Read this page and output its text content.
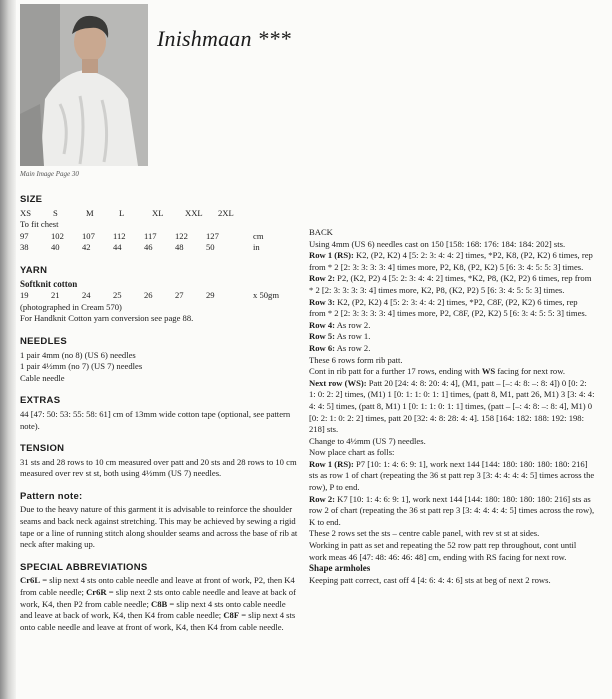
Main Image Page 30
Inishmaan ***
SIZE
XS	S	M	L	XL	XXL	2XL

To fit chest

97	102	107	112	117	122	127	cm
38	40	42	44	46	48	50	in
YARN

Softknit cotton

19	21	24	25	26	27	29	x 50gm

(photographed in Cream 570)

For Handknit Cotton yarn conversion see page 88.

NEEDLES

1 pair 4mm (no 8) (US 6) needles

1 pair 4½mm (no 7) (US 7) needles

Cable needle

EXTRAS

44 [47: 50: 53: 55: 58: 61] cm of 13mm wide cotton tape (optional, see pattern note).

TENSION

31 sts and 28 rows to 10 cm measured over patt and 20 sts and 28 rows to 10 cm measured over rev st st, both using 4½mm (US 7) needles.

Pattern note:

Due to the heavy nature of this garment it is advisable to reinforce the shoulder seams and back neck against stretching. This may be achieved by sewing a rigid tape or a line of running stitch along shoulder seams and across the base of rib at neck after making up.

SPECIAL ABBREVIATIONS

Cr6L = slip next 4 sts onto cable needle and leave at front of work, P2, then K4 from cable needle; Cr6R = slip next 2 sts onto cable needle and leave at back of work, K4, then P2 from cable needle; C8B = slip next 4 sts onto cable needle and leave at back of work, K4, then K4 from cable needle; C8F = slip next 4 sts onto cable needle and leave at front of work, K4, then K4 from cable needle.

BACK

Using 4mm (US 6) needles cast on 150 [158: 168: 176: 184: 184: 202] sts.

Row 1 (RS): K2, (P2, K2) 4 [5: 2: 3: 4: 4: 2] times, *P2, K8, (P2, K2) 6 times, rep from * 2 [2: 3: 3: 3: 3: 4] times more, P2, K8, (P2, K2) 5 [6: 3: 4: 5: 5: 3] times.

Row 2: P2, (K2, P2) 4 [5: 2: 3: 4: 4: 2] times, *K2, P8, (K2, P2) 6 times, rep from * 2 [2: 3: 3: 3: 3: 4] times more, K2, P8, (K2, P2) 5 [6: 3: 4: 5: 5: 3] times.

Row 3: K2, (P2, K2) 4 [5: 2: 3: 4: 4: 2] times, *P2, C8F, (P2, K2) 6 times, rep from * 2 [2: 3: 3: 3: 3: 4] times more, P2, C8F, (P2, K2) 5 [6: 3: 4: 5: 5: 3] times.

Row 4: As row 2.

Row 5: As row 1.

Row 6: As row 2.

These 6 rows form rib patt.

Cont in rib patt for a further 17 rows, ending with WS facing for next row.

Next row (WS): Patt 20 [24: 4: 8: 20: 4: 4], (M1, patt – [–: 4: 8: –: 8: 4]) 0 [0: 2: 1: 0: 2: 2] times, (M1) 1 [0: 1: 1: 0: 1: 1] times, (patt 8, M1, patt 26, M1) 3 [3: 4: 4: 4: 4: 5] times, (patt 8, M1) 1 [0: 1: 1: 0: 1: 1] times, (patt – [–: 4: 8: –: 8: 4], M1) 0 [0: 2: 1: 0: 2: 2] times, patt 20 [32: 4: 8: 28: 4: 4]. 158 [164: 182: 188: 192: 198: 218] sts.

Change to 4½mm (US 7) needles.

Now place chart as folls:

Row 1 (RS): P7 [10: 1: 4: 6: 9: 1], work next 144 [144: 180: 180: 180: 180: 216] sts as row 1 of chart (repeating the 36 st patt rep 3 [3: 4: 4: 4: 4: 5] times across the row), P to end.

Row 2: K7 [10: 1: 4: 6: 9: 1], work next 144 [144: 180: 180: 180: 180: 216] sts as row 2 of chart (repeating the 36 st patt rep 3 [3: 4: 4: 4: 4: 5] times across the row), K to end.

These 2 rows set the sts – centre cable panel, with rev st st at sides.

Working in patt as set and repeating the 52 row patt rep throughout, cont until work meas 46 [47: 48: 46: 46: 48] cm, ending with RS facing for next row.

Shape armholes

Keeping patt correct, cast off 4 [4: 6: 4: 4: 6] sts at beg of next 2 rows.
